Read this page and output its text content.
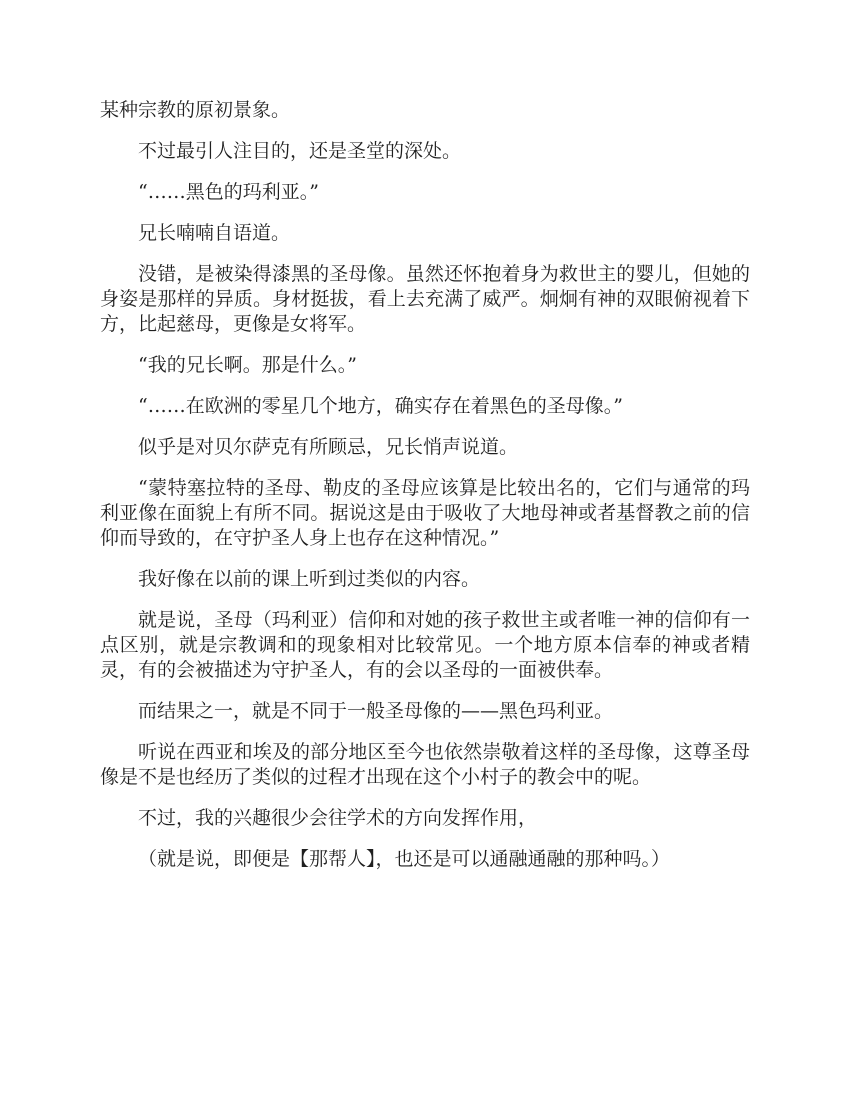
某种宗教的原初景象。

不过最引人注目的，还是圣堂的深处。

“……黑色的玛利亚。”

兄长喃喃自语道。

没错，是被染得漆黑的圣母像。虽然还怀抱着身为救世主的婴儿，但她的身姿是那样的异质。身材挺拔，看上去充满了威严。炯炯有神的双眼俯视着下方，比起慈母，更像是女将军。

“我的兄长啊。那是什么。”

“……在欧洲的零星几个地方，确实存在着黑色的圣母像。”

似乎是对贝尔萨克有所顾忌，兄长悄声说道。

“蒙特塞拉特的圣母、勒皮的圣母应该算是比较出名的，它们与通常的玛利亚像在面貌上有所不同。据说这是由于吸收了大地母神或者基督教之前的信仰而导致的，在守护圣人身上也存在这种情况。”

我好像在以前的课上听到过类似的内容。

就是说，圣母（玛利亚）信仰和对她的孩子救世主或者唯一神的信仰有一点区别，就是宗教调和的现象相对比较常见。一个地方原本信奉的神或者精灵，有的会被描述为守护圣人，有的会以圣母的一面被供奉。

而结果之一，就是不同于一般圣母像的——黑色玛利亚。

听说在西亚和埃及的部分地区至今也依然崇敬着这样的圣母像，这尊圣母像是不是也经历了类似的过程才出现在这个小村子的教会中的呢。

不过，我的兴趣很少会往学术的方向发挥作用，

（就是说，即便是【那帮人】，也还是可以通融通融的那种吗。）
